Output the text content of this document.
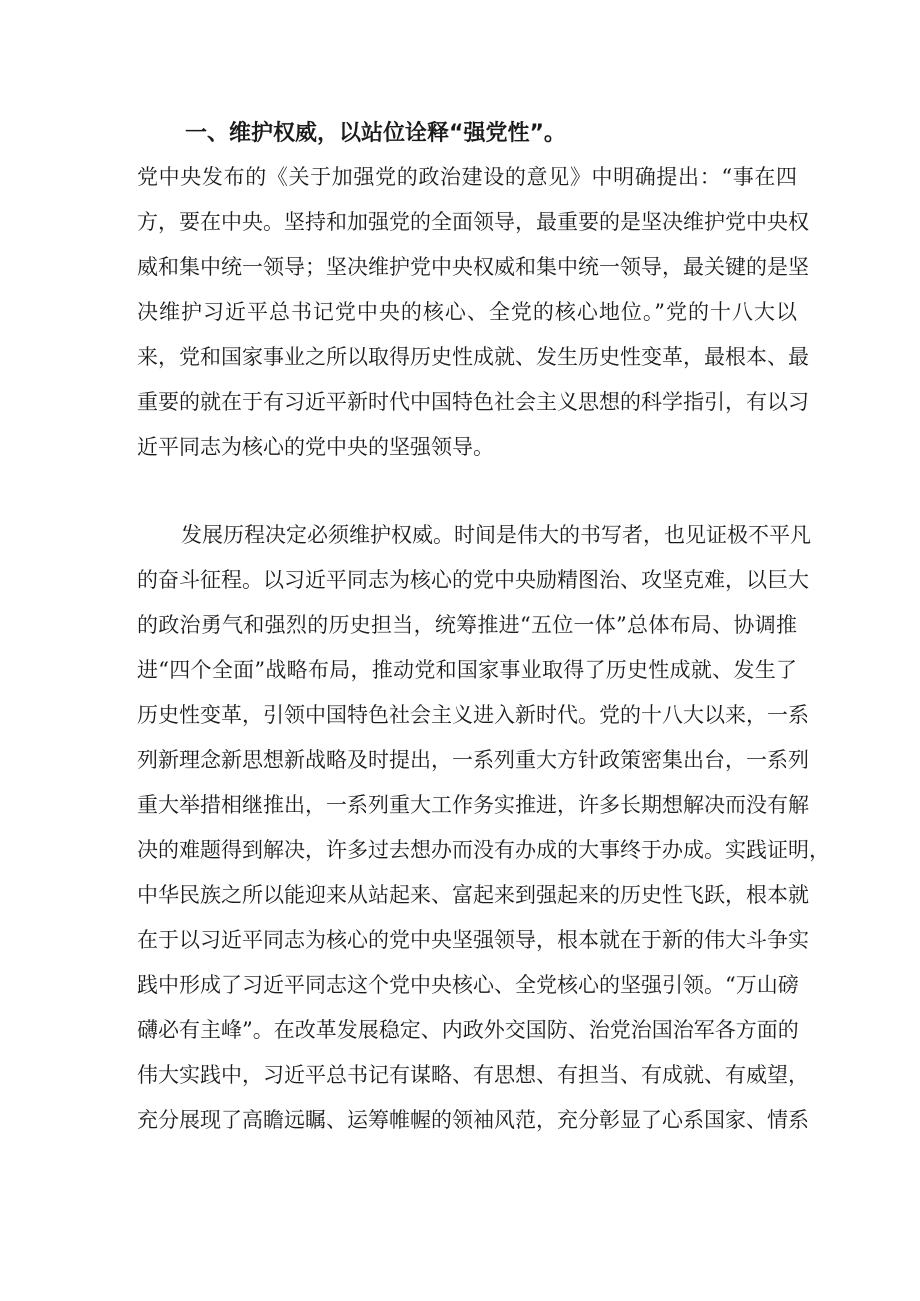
一、维护权威，以站位诠释“强党性”。
党中央发布的《关于加强党的政治建设的意见》中明确提出：“事在四
方，要在中央。坚持和加强党的全面领导，最重要的是坚决维护党中央权
威和集中统一领导；坚决维护党中央权威和集中统一领导，最关键的是坚
决维护习近平总书记党中央的核心、全党的核心地位。”党的十八大以
来，党和国家事业之所以取得历史性成就、发生历史性变革，最根本、最
重要的就在于有习近平新时代中国特色社会主义思想的科学指引，有以习
近平同志为核心的党中央的坚强领导。
发展历程决定必须维护权威。时间是伟大的书写者，也见证极不平凡
的奋斗征程。以习近平同志为核心的党中央励精图治、攻坚克难，以巨大
的政治勇气和强烈的历史担当，统筹推进“五位一体”总体布局、协调推
进“四个全面”战略布局，推动党和国家事业取得了历史性成就、发生了
历史性变革，引领中国特色社会主义进入新时代。党的十八大以来，一系
列新理念新思想新战略及时提出，一系列重大方针政策密集出台，一系列
重大举措相继推出，一系列重大工作务实推进，许多长期想解决而没有解
决的难题得到解决，许多过去想办而没有办成的大事终于办成。实践证明，
中华民族之所以能迎来从站起来、富起来到强起来的历史性飞跃，根本就
在于以习近平同志为核心的党中央坚强领导，根本就在于新的伟大斗争实
践中形成了习近平同志这个党中央核心、全党核心的坚强引领。“万山磅
礴必有主峰”。在改革发展稳定、内政外交国防、治党治国治军各方面的
伟大实践中，习近平总书记有谋略、有思想、有担当、有成就、有威望，
充分展现了高瞻远瞩、运筹帷幄的领袖风范，充分彰显了心系国家、情系
